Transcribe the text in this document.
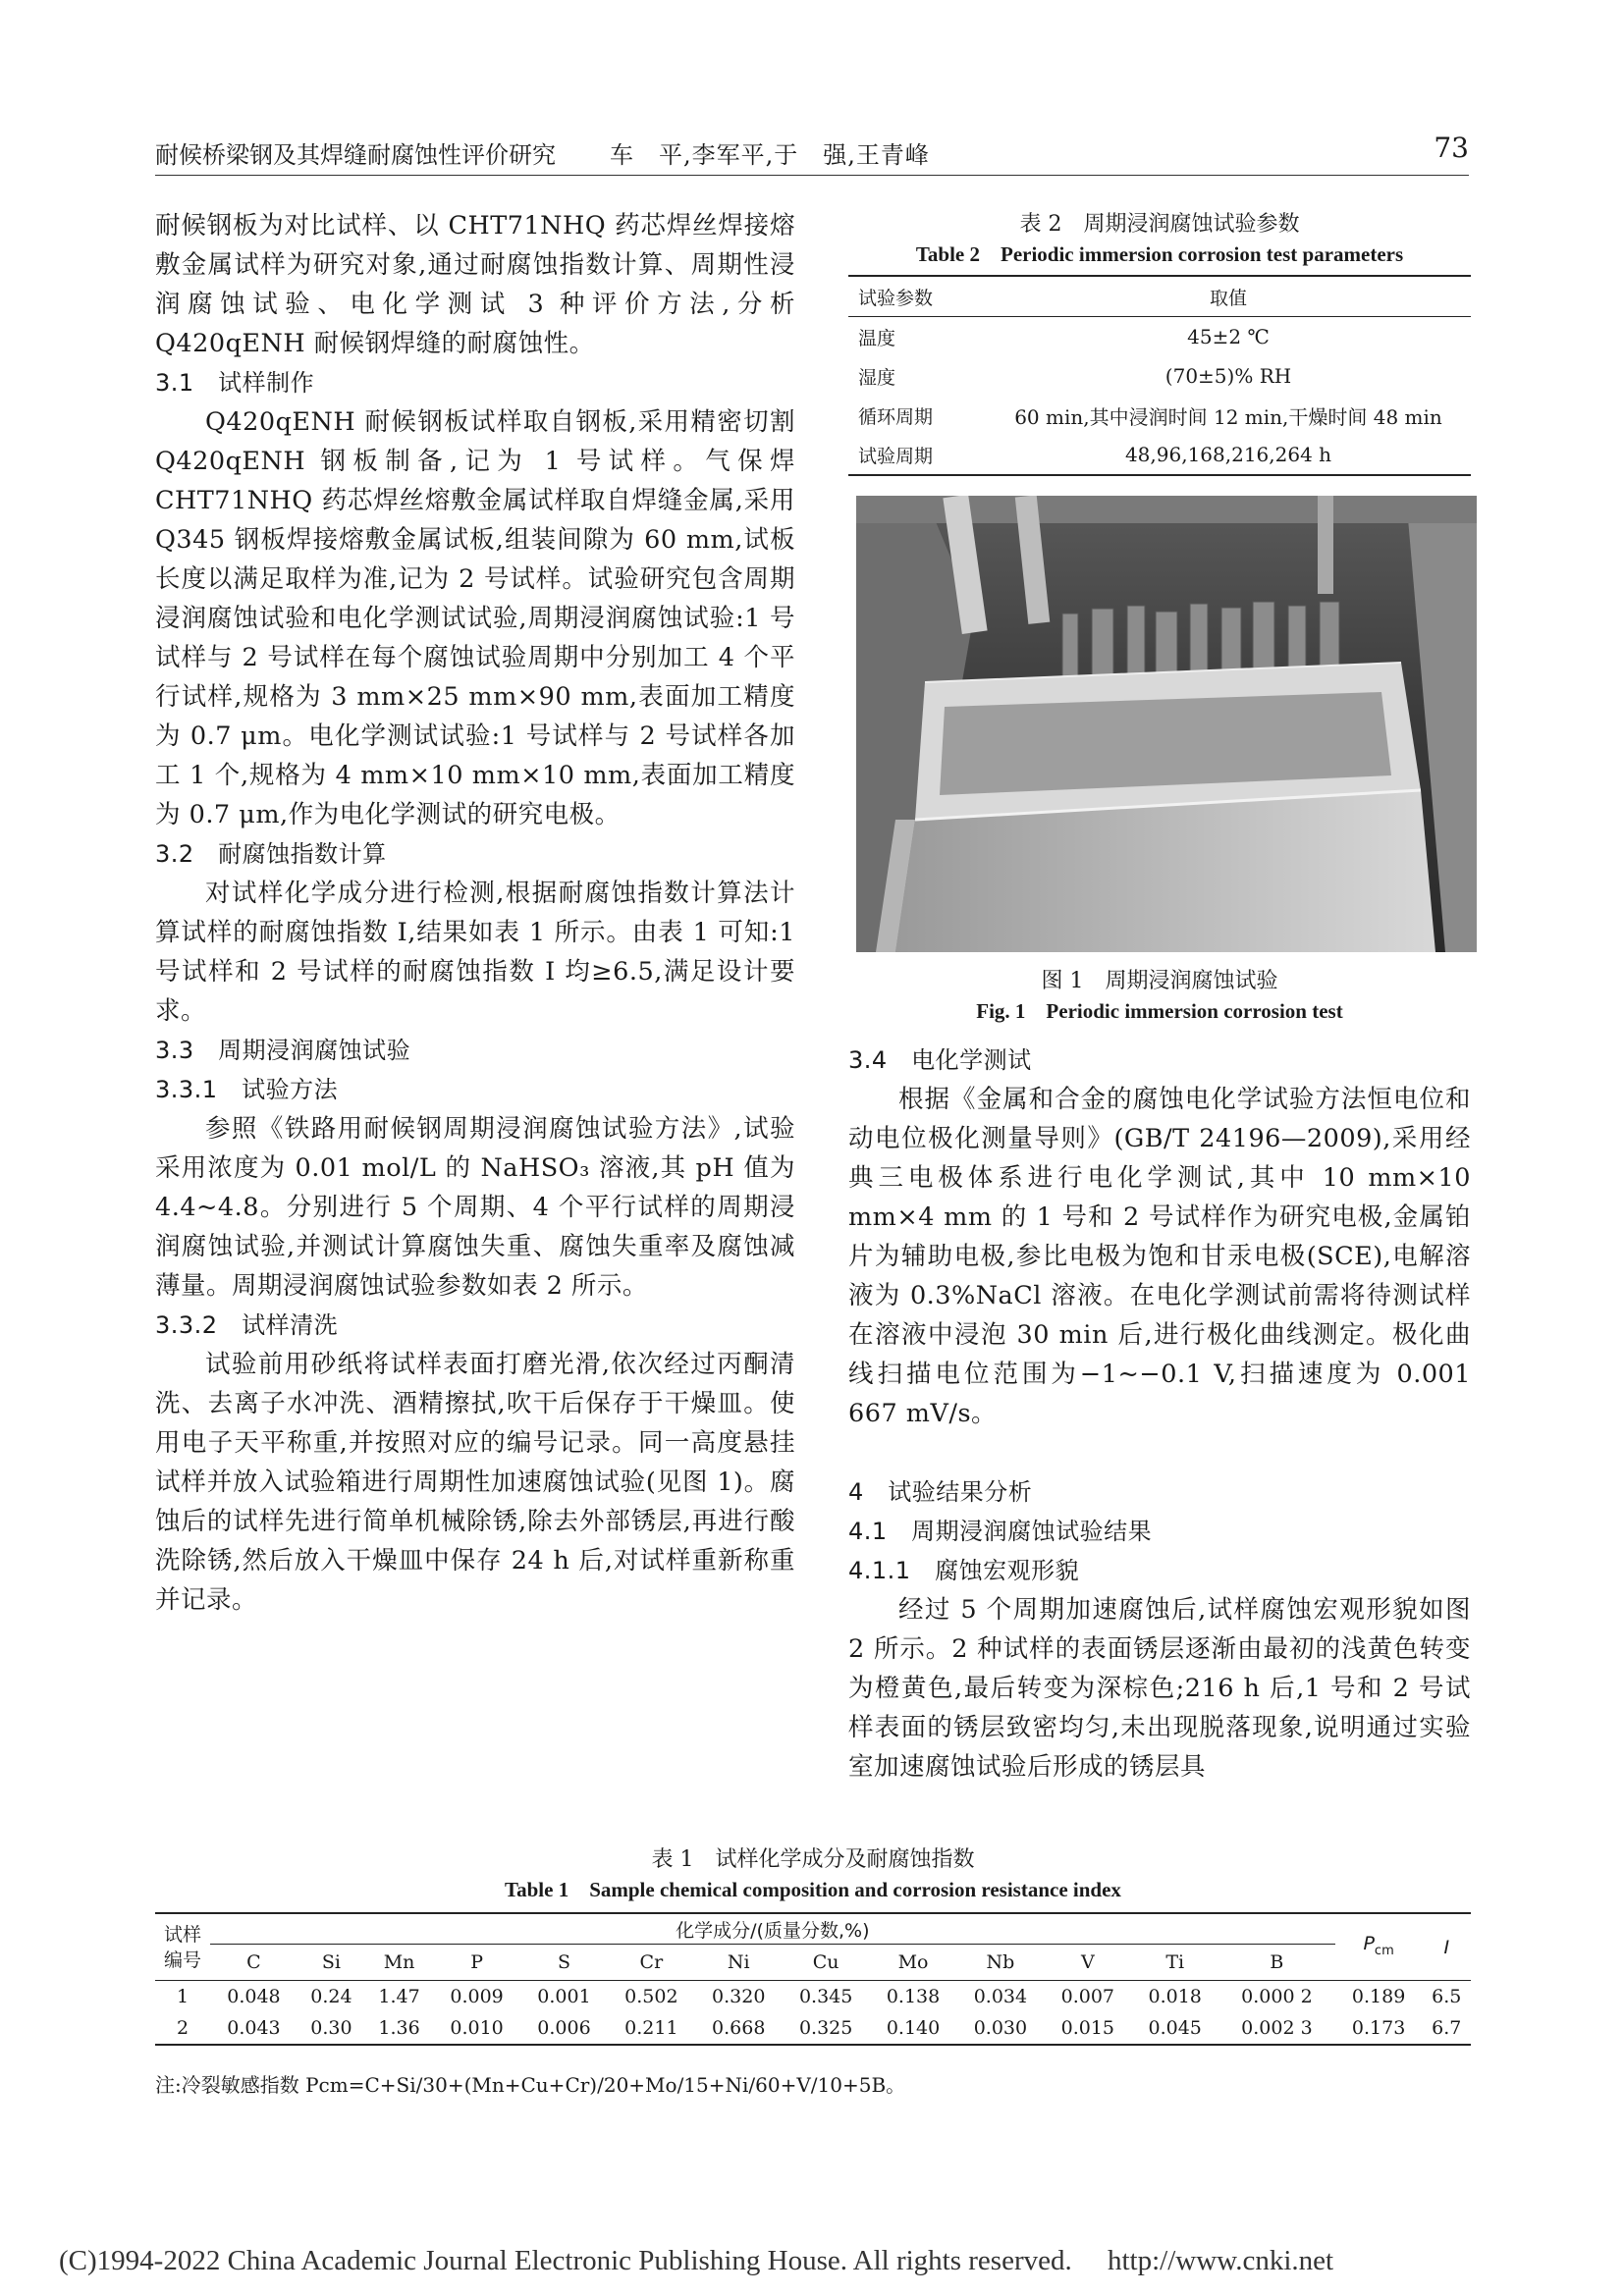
耐候桥梁钢及其焊缝耐腐蚀性评价研究 车　平,李军平,于　强,王青峰	73

耐候钢板为对比试样、以 CHT71NHQ 药芯焊丝焊接熔敷金属试样为研究对象,通过耐腐蚀指数计算、周期性浸润腐蚀试验、电化学测试 3 种评价方法,分析 Q420qENH 耐候钢焊缝的耐腐蚀性。

3.1　试样制作

Q420qENH 耐候钢板试样取自钢板,采用精密切割 Q420qENH 钢板制备,记为 1 号试样。气保焊 CHT71NHQ 药芯焊丝熔敷金属试样取自焊缝金属,采用 Q345 钢板焊接熔敷金属试板,组装间隙为 60 mm,试板长度以满足取样为准,记为 2 号试样。试验研究包含周期浸润腐蚀试验和电化学测试试验,周期浸润腐蚀试验:1 号试样与 2 号试样在每个腐蚀试验周期中分别加工 4 个平行试样,规格为 3 mm×25 mm×90 mm,表面加工精度为 0.7 μm。电化学测试试验:1 号试样与 2 号试样各加工 1 个,规格为 4 mm×10 mm×10 mm,表面加工精度为 0.7 μm,作为电化学测试的研究电极。

3.2　耐腐蚀指数计算

对试样化学成分进行检测,根据耐腐蚀指数计算法计算试样的耐腐蚀指数 I,结果如表 1 所示。由表 1 可知:1 号试样和 2 号试样的耐腐蚀指数 I 均≥6.5,满足设计要求。

3.3　周期浸润腐蚀试验

3.3.1　试验方法

参照《铁路用耐候钢周期浸润腐蚀试验方法》,试验采用浓度为 0.01 mol/L 的 NaHSO₃ 溶液,其 pH 值为 4.4~4.8。分别进行 5 个周期、4 个平行试样的周期浸润腐蚀试验,并测试计算腐蚀失重、腐蚀失重率及腐蚀减薄量。周期浸润腐蚀试验参数如表 2 所示。

3.3.2　试样清洗

试验前用砂纸将试样表面打磨光滑,依次经过丙酮清洗、去离子水冲洗、酒精擦拭,吹干后保存于干燥皿。使用电子天平称重,并按照对应的编号记录。同一高度悬挂试样并放入试验箱进行周期性加速腐蚀试验(见图 1)。腐蚀后的试样先进行简单机械除锈,除去外部锈层,再进行酸洗除锈,然后放入干燥皿中保存 24 h 后,对试样重新称重并记录。

表 2　周期浸润腐蚀试验参数
Table 2　Periodic immersion corrosion test parameters
试验参数	取值
温度	45±2 ℃
湿度	(70±5)% RH
循环周期	60 min,其中浸润时间 12 min,干燥时间 48 min
试验周期	48,96,168,216,264 h
图 1　周期浸润腐蚀试验
Fig. 1　Periodic immersion corrosion test

3.4　电化学测试

根据《金属和合金的腐蚀电化学试验方法恒电位和动电位极化测量导则》(GB/T 24196—2009),采用经典三电极体系进行电化学测试,其中 10 mm×10 mm×4 mm 的 1 号和 2 号试样作为研究电极,金属铂片为辅助电极,参比电极为饱和甘汞电极(SCE),电解溶液为 0.3%NaCl 溶液。在电化学测试前需将待测试样在溶液中浸泡 30 min 后,进行极化曲线测定。极化曲线扫描电位范围为−1~−0.1 V,扫描速度为 0.001 667 mV/s。

4　试验结果分析

4.1　周期浸润腐蚀试验结果

4.1.1　腐蚀宏观形貌

经过 5 个周期加速腐蚀后,试样腐蚀宏观形貌如图 2 所示。2 种试样的表面锈层逐渐由最初的浅黄色转变为橙黄色,最后转变为深棕色;216 h 后,1 号和 2 号试样表面的锈层致密均匀,未出现脱落现象,说明通过实验室加速腐蚀试验后形成的锈层具

表 1　试样化学成分及耐腐蚀指数
Table 1　Sample chemical composition and corrosion resistance index
试样编号	化学成分/(质量分数,%)													$P_{cm}$	I
	C	Si	Mn	P	S	Cr	Ni	Cu	Mo	Nb	V	Ti	B		
1	0.048	0.24	1.47	0.009	0.001	0.502	0.320	0.345	0.138	0.034	0.007	0.018	0.000 2	0.189	6.5
2	0.043	0.30	1.36	0.010	0.006	0.211	0.668	0.325	0.140	0.030	0.015	0.045	0.002 3	0.173	6.7
注:冷裂敏感指数 Pcm=C+Si/30+(Mn+Cu+Cr)/20+Mo/15+Ni/60+V/10+5B。
(C)1994-2022 China Academic Journal Electronic Publishing House. All rights reserved.　 http://www.cnki.net
